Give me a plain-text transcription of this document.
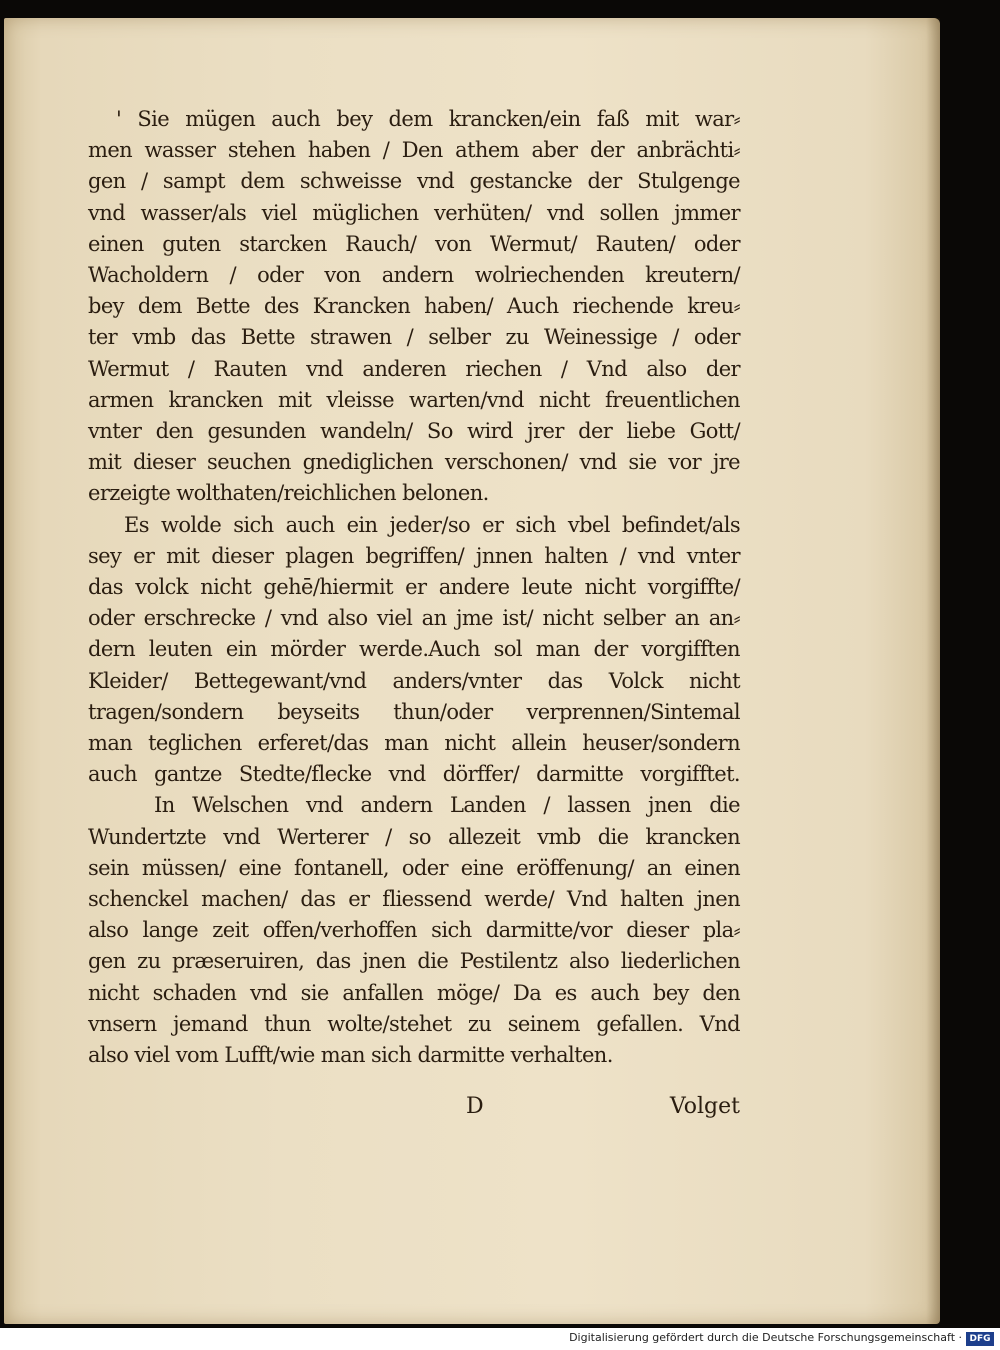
' Sie mügen auch bey dem krancken/ein faß mit war⸗
men wasser stehen haben / Den athem aber der anbrächti⸗
gen / sampt dem schweisse vnd gestancke der Stulgenge
vnd wasser/als viel müglichen verhüten/ vnd sollen jmmer
einen guten starcken Rauch/ von Wermut/ Rauten/ oder
Wacholdern / oder von andern wolriechenden kreutern/
bey dem Bette des Krancken haben/ Auch riechende kreu⸗
ter vmb das Bette strawen / selber zu Weinessige / oder
Wermut / Rauten vnd anderen riechen / Vnd also der
armen krancken mit vleisse warten/vnd nicht freuentlichen
vnter den gesunden wandeln/ So wird jrer der liebe Gott/
mit dieser seuchen gnediglichen verschonen/ vnd sie vor jre
erzeigte wolthaten/reichlichen belonen.
Es wolde sich auch ein jeder/so er sich vbel befindet/als
sey er mit dieser plagen begriffen/ jnnen halten / vnd vnter
das volck nicht gehē/hiermit er andere leute nicht vorgiffte/
oder erschrecke / vnd also viel an jme ist/ nicht selber an an⸗
dern leuten ein mörder werde.Auch sol man der vorgifften
Kleider/ Bettegewant/vnd anders/vnter das Volck nicht
tragen/sondern beyseits thun/oder verprennen/Sintemal
man teglichen erferet/das man nicht allein heuser/sondern
auch gantze Stedte/flecke vnd dörffer/ darmitte vorgifftet.
In Welschen vnd andern Landen / lassen jnen die
Wundertzte vnd Werterer / so allezeit vmb die krancken
sein müssen/ eine fontanell, oder eine eröffenung/ an einen
schenckel machen/ das er fliessend werde/ Vnd halten jnen
also lange zeit offen/verhoffen sich darmitte/vor dieser pla⸗
gen zu præseruiren, das jnen die Pestilentz also liederlichen
nicht schaden vnd sie anfallen möge/ Da es auch bey den
vnsern jemand thun wolte/stehet zu seinem gefallen. Vnd
also viel vom Lufft/wie man sich darmitte verhalten.
D	Volget
Digitalisierung gefördert durch die Deutsche Forschungsgemeinschaft · DFG
